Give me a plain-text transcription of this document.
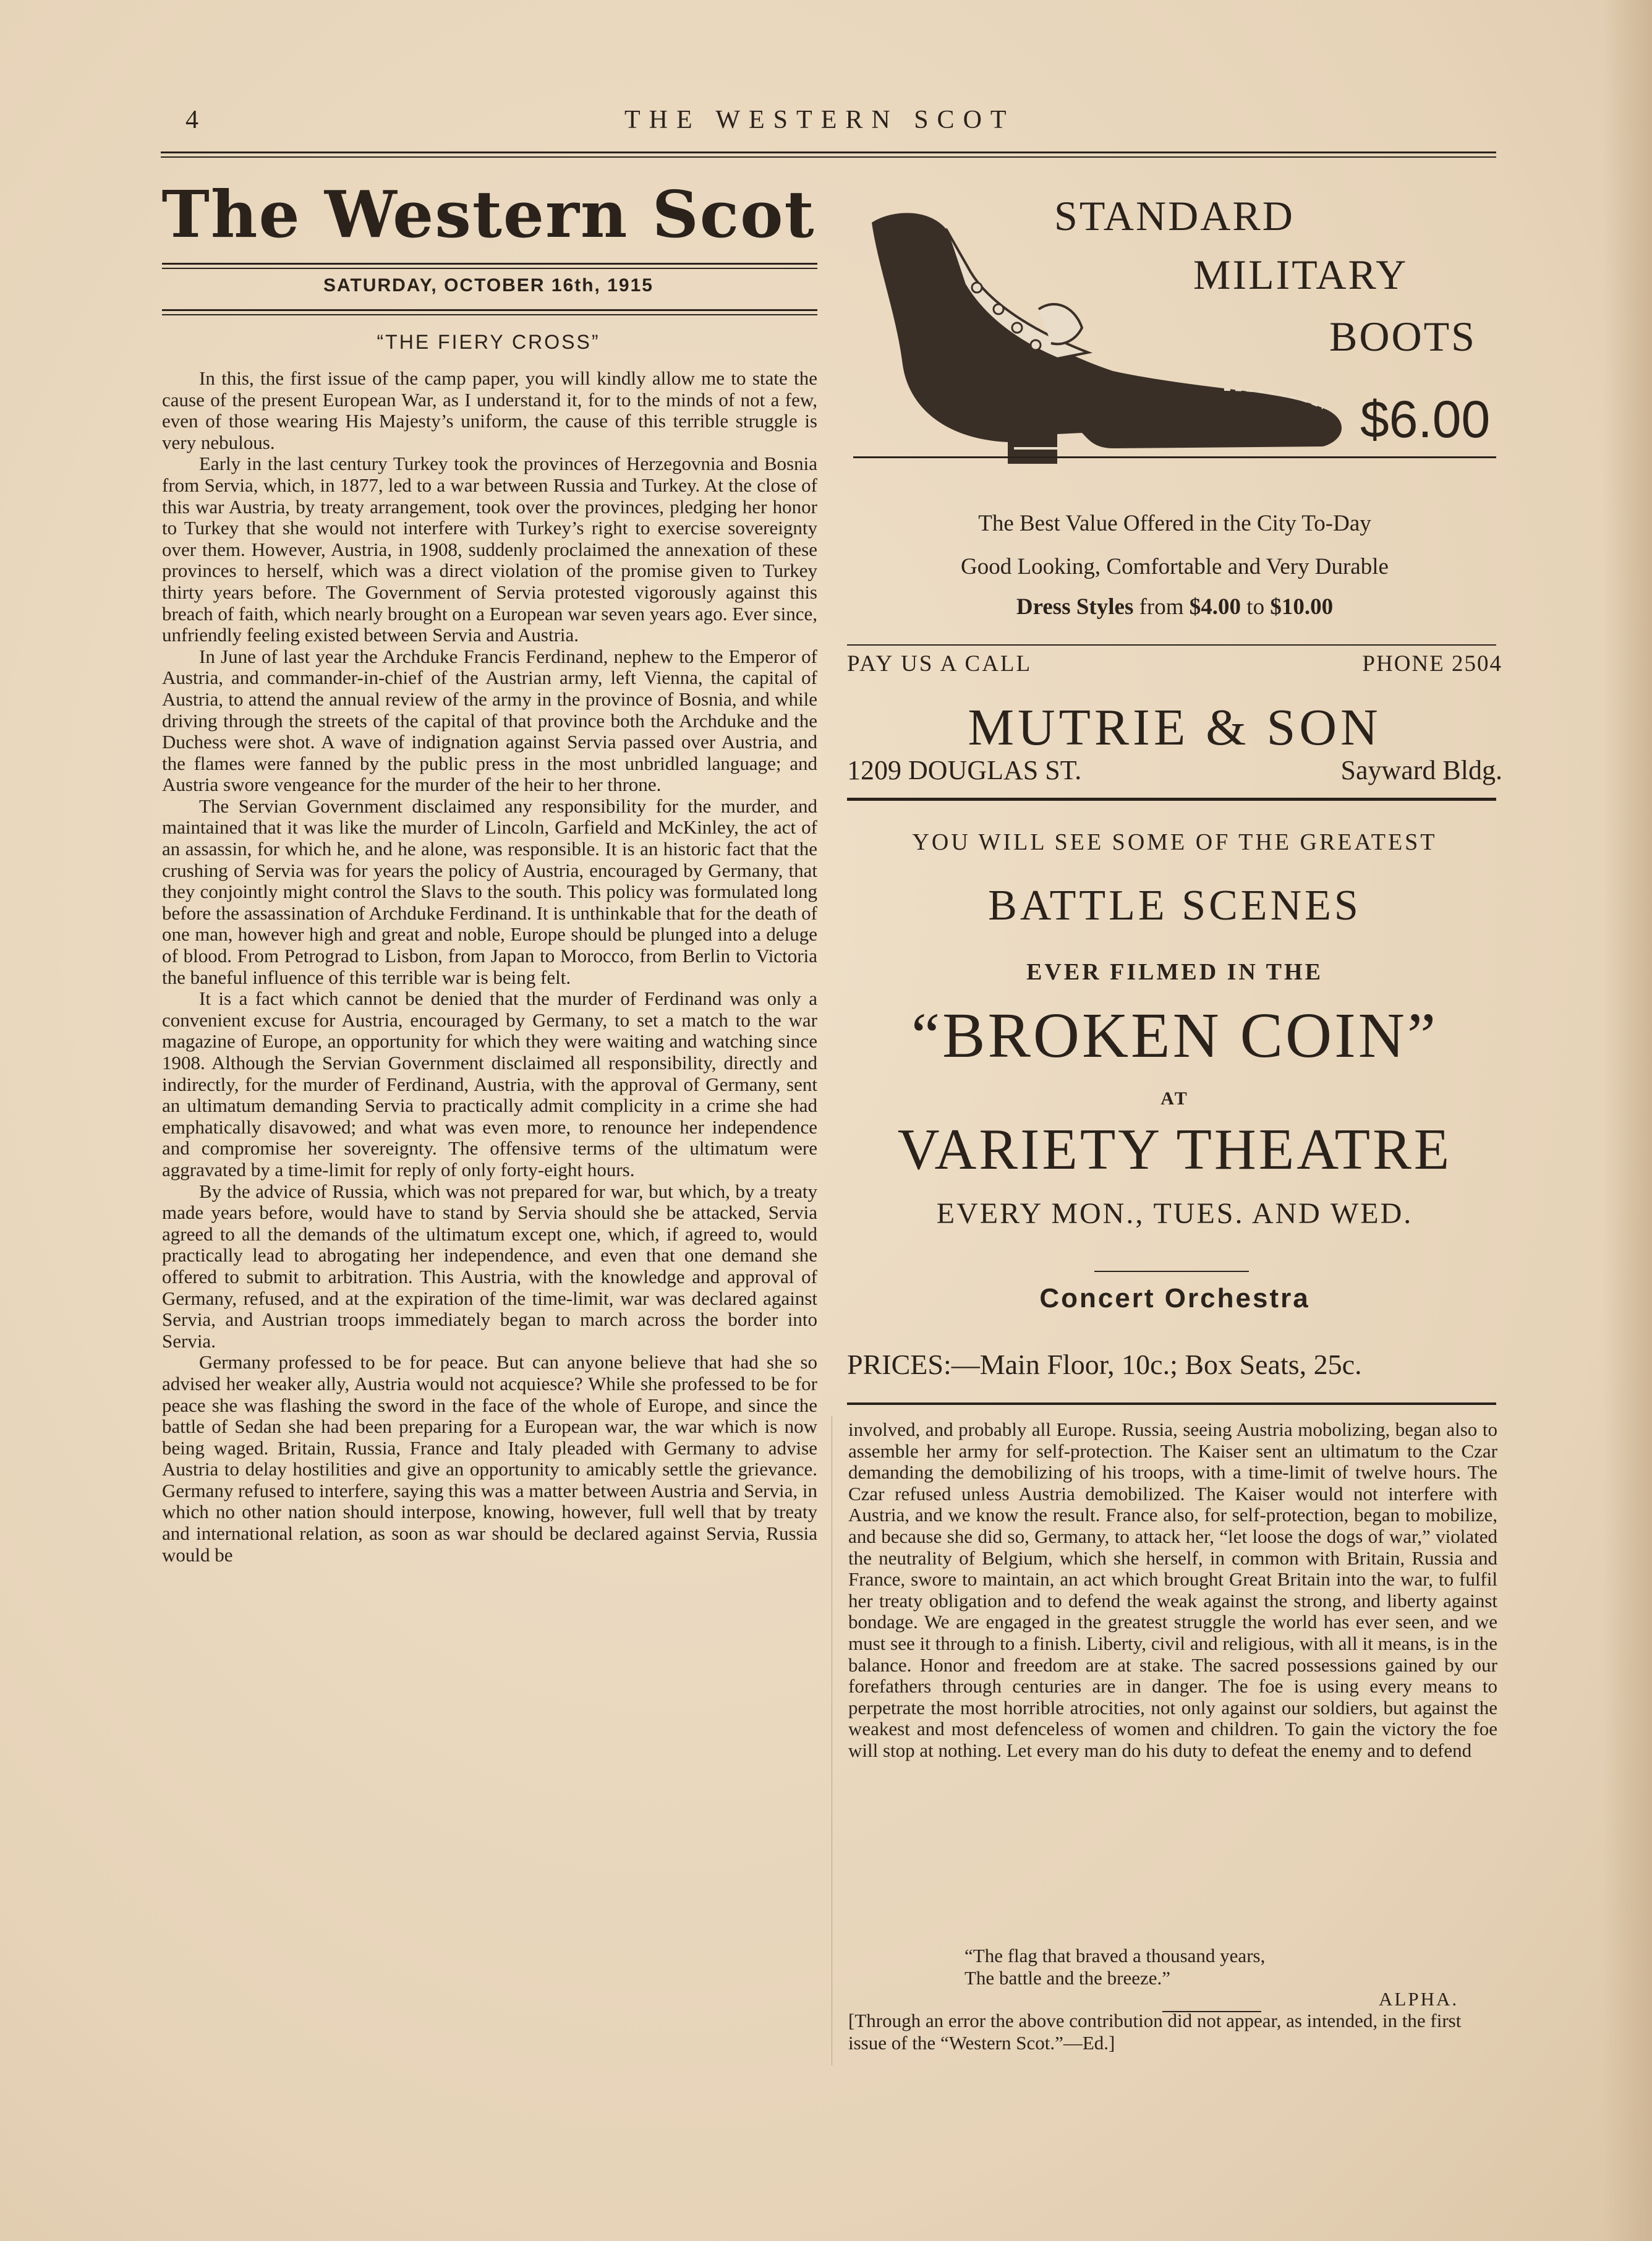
4	THE WESTERN SCOT
The Western Scot
SATURDAY, OCTOBER 16th, 1915
“THE FIERY CROSS”

In this, the first issue of the camp paper, you will kindly allow me to state the cause of the present European War, as I understand it, for to the minds of not a few, even of those wearing His Majesty’s uniform, the cause of this terrible struggle is very nebulous.

Early in the last century Turkey took the provinces of Herzegovnia and Bosnia from Servia, which, in 1877, led to a war between Russia and Turkey. At the close of this war Austria, by treaty arrangement, took over the provinces, pledging her honor to Turkey that she would not interfere with Turkey’s right to exercise sovereignty over them. However, Austria, in 1908, suddenly proclaimed the annexation of these provinces to herself, which was a direct violation of the promise given to Turkey thirty years before. The Government of Servia protested vigorously against this breach of faith, which nearly brought on a European war seven years ago. Ever since, unfriendly feeling existed between Servia and Austria.

In June of last year the Archduke Francis Ferdinand, nephew to the Emperor of Austria, and commander-in-chief of the Austrian army, left Vienna, the capital of Austria, to attend the annual review of the army in the province of Bosnia, and while driving through the streets of the capital of that province both the Archduke and the Duchess were shot. A wave of indignation against Servia passed over Austria, and the flames were fanned by the public press in the most unbridled language; and Austria swore vengeance for the murder of the heir to her throne.

The Servian Government disclaimed any responsibility for the murder, and maintained that it was like the murder of Lincoln, Garfield and McKinley, the act of an assassin, for which he, and he alone, was responsible. It is an historic fact that the crushing of Servia was for years the policy of Austria, encouraged by Germany, that they conjointly might control the Slavs to the south. This policy was formulated long before the assassination of Archduke Ferdinand. It is unthinkable that for the death of one man, however high and great and noble, Europe should be plunged into a deluge of blood. From Petrograd to Lisbon, from Japan to Morocco, from Berlin to Victoria the baneful influence of this terrible war is being felt.

It is a fact which cannot be denied that the murder of Ferdinand was only a convenient excuse for Austria, encouraged by Germany, to set a match to the war magazine of Europe, an opportunity for which they were waiting and watching since 1908. Although the Servian Government disclaimed all responsibility, directly and indirectly, for the murder of Ferdinand, Austria, with the approval of Germany, sent an ultimatum demanding Servia to practically admit complicity in a crime she had emphatically disavowed; and what was even more, to renounce her independence and compromise her sovereignty. The offensive terms of the ultimatum were aggravated by a time-limit for reply of only forty-eight hours.

By the advice of Russia, which was not prepared for war, but which, by a treaty made years before, would have to stand by Servia should she be attacked, Servia agreed to all the demands of the ultimatum except one, which, if agreed to, would practically lead to abrogating her independence, and even that one demand she offered to submit to arbitration. This Austria, with the knowledge and approval of Germany, refused, and at the expiration of the time-limit, war was declared against Servia, and Austrian troops immediately began to march across the border into Servia.

Germany professed to be for peace. But can anyone believe that had she so advised her weaker ally, Austria would not acquiesce? While she professed to be for peace she was flashing the sword in the face of the whole of Europe, and since the battle of Sedan she had been preparing for a European war, the war which is now being waged. Britain, Russia, France and Italy pleaded with Germany to advise Austria to delay hostilities and give an opportunity to amicably settle the grievance. Germany refused to interfere, saying this was a matter between Austria and Servia, in which no other nation should interpose, knowing, however, full well that by treaty and international relation, as soon as war should be declared against Servia, Russia would be

STANDARD
MILITARY
BOOTS
$6.00
The Best Value Offered in the City To-Day
Good Looking, Comfortable and Very Durable
Dress Styles from $4.00 to $10.00
PAY US A CALL	PHONE 2504
MUTRIE & SON
1209 DOUGLAS ST.	Sayward Bldg.
YOU WILL SEE SOME OF THE GREATEST
BATTLE SCENES
EVER FILMED IN THE
“BROKEN COIN”
AT
VARIETY THEATRE
EVERY MON., TUES. AND WED.
Concert Orchestra
PRICES:—Main Floor, 10c.; Box Seats, 25c.

involved, and probably all Europe. Russia, seeing Austria mobolizing, began also to assemble her army for self-protection. The Kaiser sent an ultimatum to the Czar demanding the demobilizing of his troops, with a time-limit of twelve hours. The Czar refused unless Austria demobilized. The Kaiser would not interfere with Austria, and we know the result. France also, for self-protection, began to mobilize, and because she did so, Germany, to attack her, “let loose the dogs of war,” violated the neutrality of Belgium, which she herself, in common with Britain, Russia and France, swore to maintain, an act which brought Great Britain into the war, to fulfil her treaty obligation and to defend the weak against the strong, and liberty against bondage. We are engaged in the greatest struggle the world has ever seen, and we must see it through to a finish. Liberty, civil and religious, with all it means, is in the balance. Honor and freedom are at stake. The sacred possessions gained by our forefathers through centuries are in danger. The foe is using every means to perpetrate the most horrible atrocities, not only against our soldiers, but against the weakest and most defenceless of women and children. To gain the victory the foe will stop at nothing. Let every man do his duty to defeat the enemy and to defend

“The flag that braved a thousand years,
The battle and the breeze.”
ALPHA.
[Through an error the above contribution did not appear, as intended, in the first issue of the “Western Scot.”—Ed.]
